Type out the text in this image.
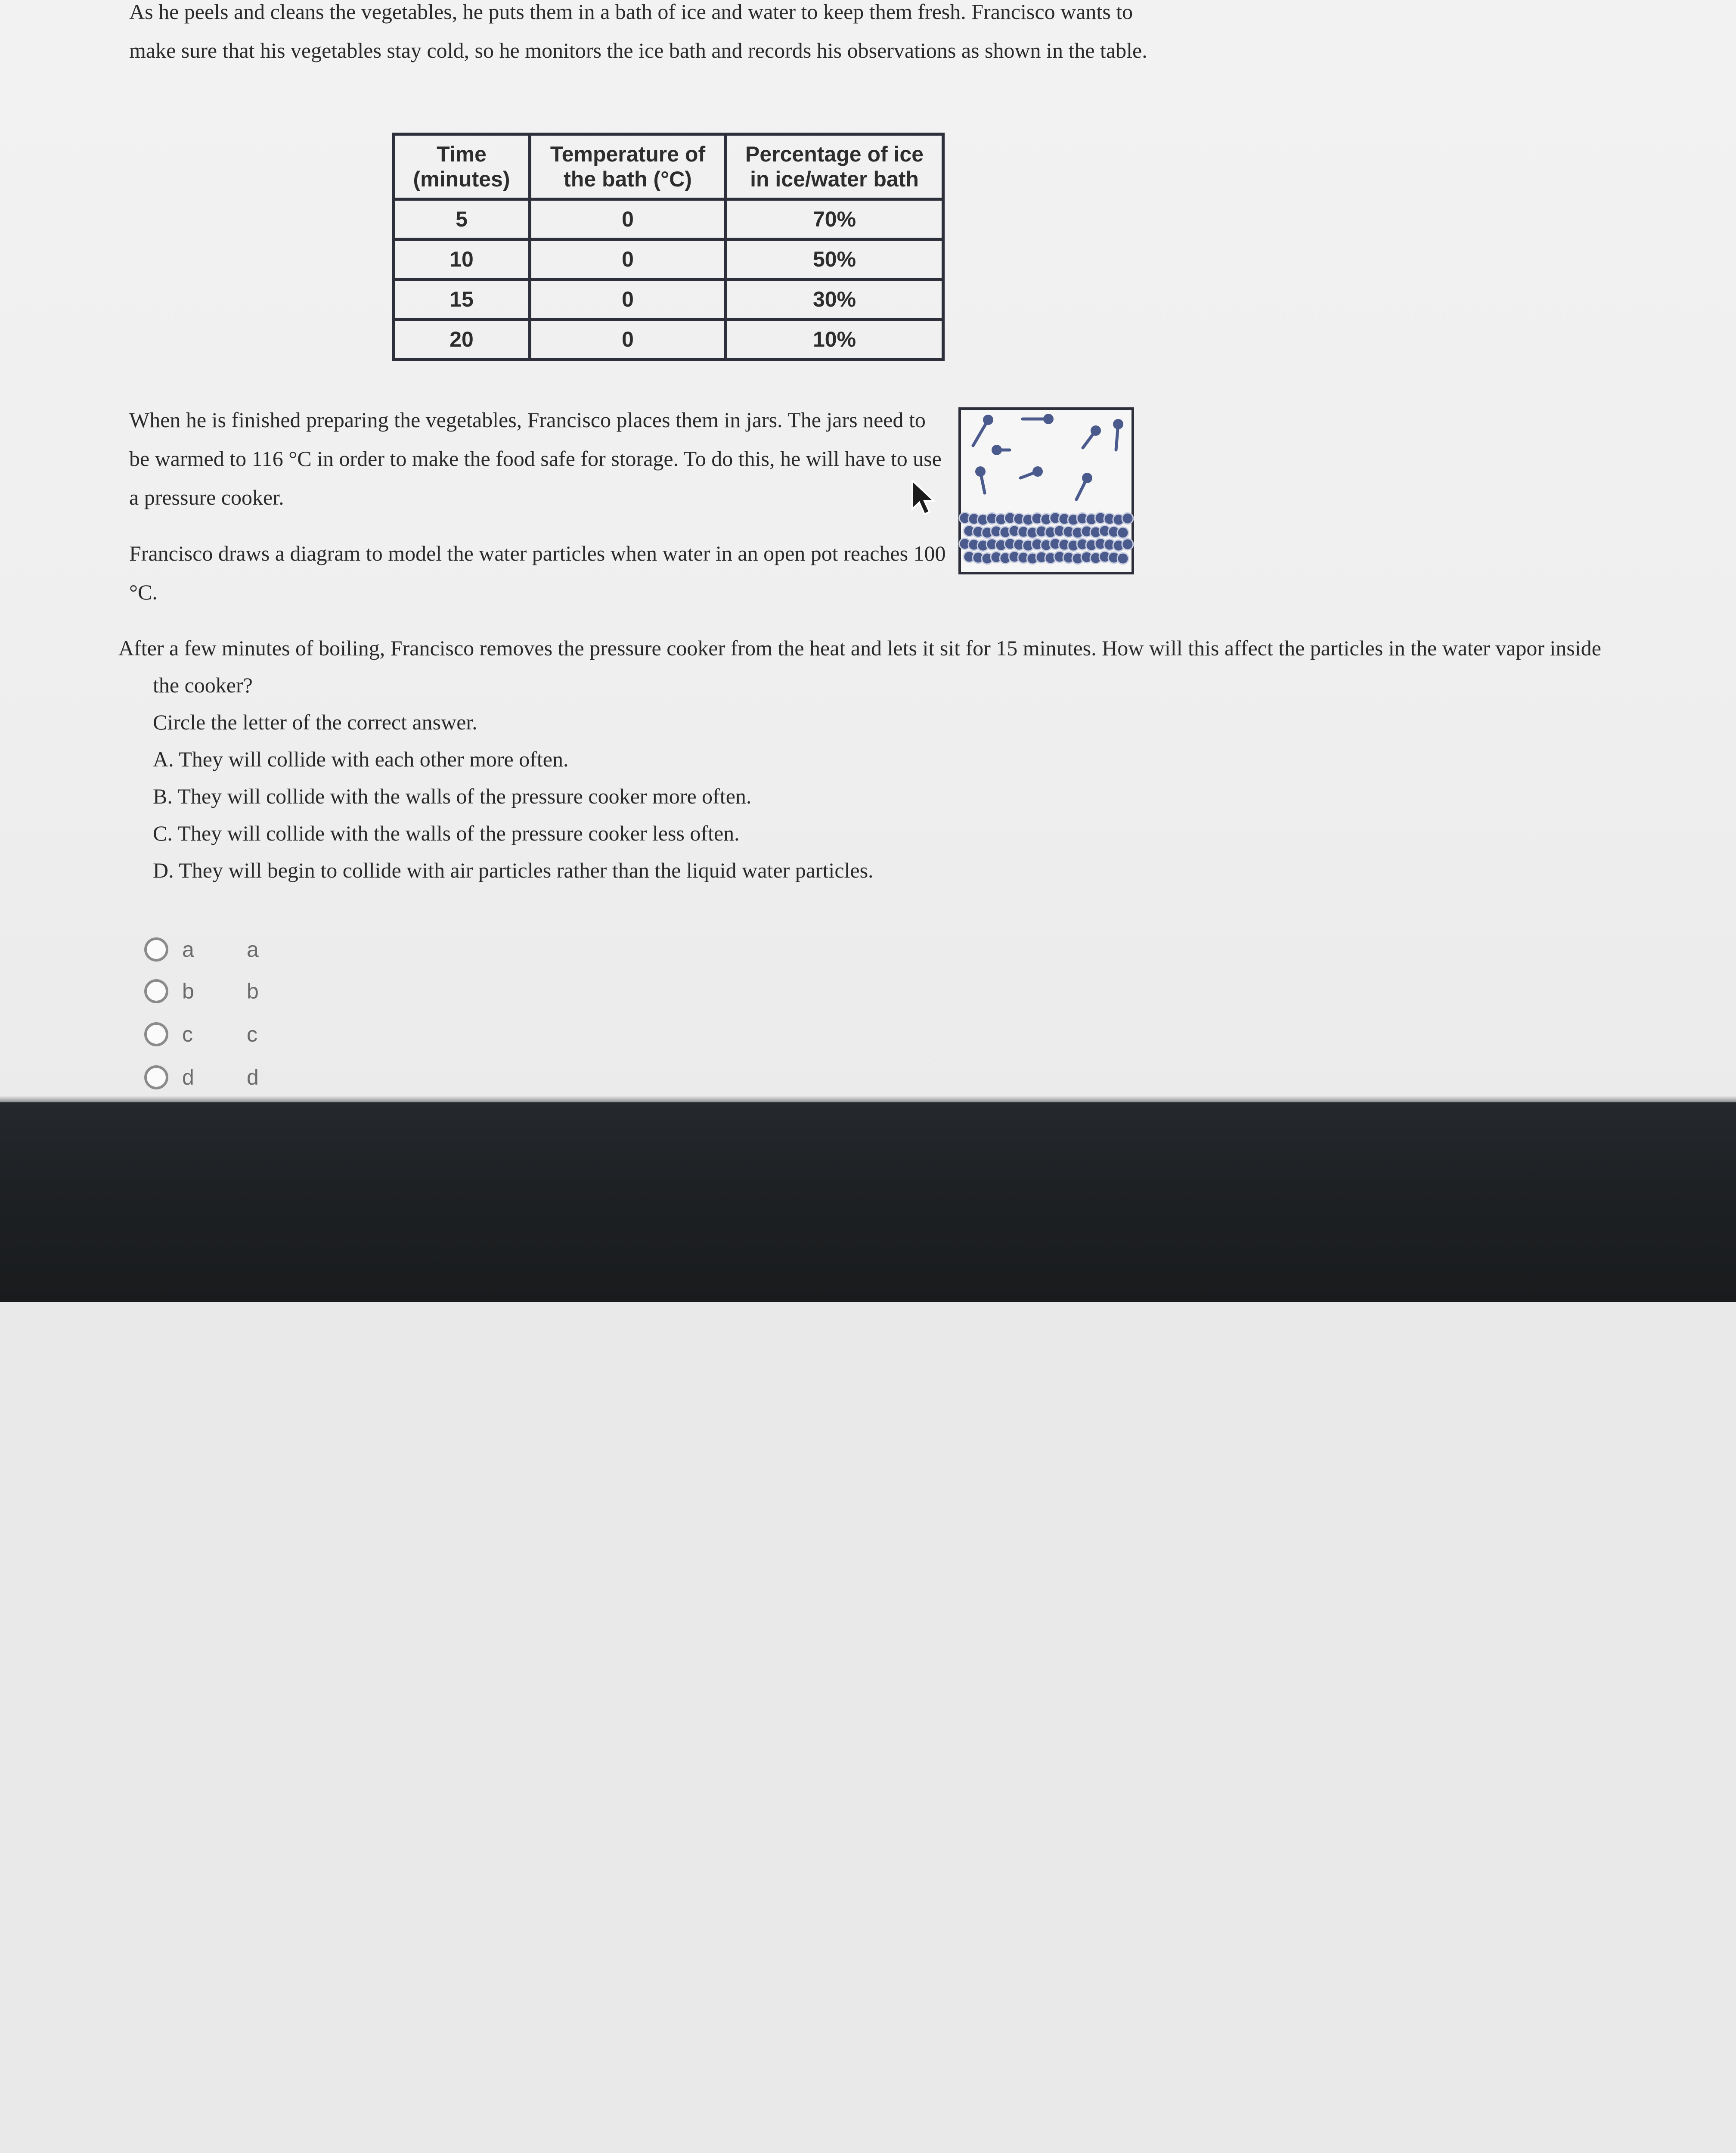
As he peels and cleans the vegetables, he puts them in a bath of ice and water to keep them fresh. Francisco wants to make sure that his vegetables stay cold, so he monitors the ice bath and records his observations as shown in the table.
Time (minutes)	Temperature of the bath (°C)	Percentage of ice in ice/water bath
5	0	70%
10	0	50%
15	0	30%
20	0	10%
When he is finished preparing the vegetables, Francisco places them in jars. The jars need to be warmed to 116 °C in order to make the food safe for storage. To do this, he will have to use a pressure cooker.
Francisco draws a diagram to model the water particles when water in an open pot reaches 100 °C.
After a few minutes of boiling, Francisco removes the pressure cooker from the heat and lets it sit for 15 minutes. How will this affect the particles in the water vapor inside
the cooker?
Circle the letter of the correct answer.
A. They will collide with each other more often.
B. They will collide with the walls of the pressure cooker more often.
C. They will collide with the walls of the pressure cooker less often.
D. They will begin to collide with air particles rather than the liquid water particles.
a	a
b	b
c	c
d	d
